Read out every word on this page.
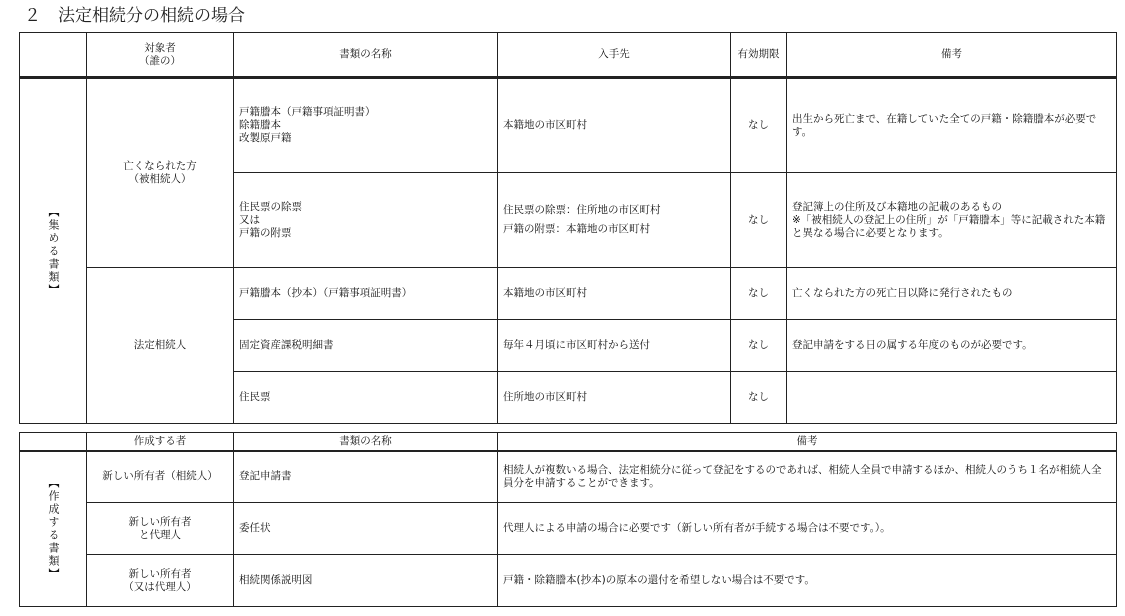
２　法定相続分の相続の場合
	対象者
（誰の）	書類の名称	入手先	有効期限	備考

【集める書類】	亡くなられた方
（被相続人）	戸籍謄本（戸籍事項証明書）
除籍謄本
改製原戸籍	本籍地の市区町村	なし	出生から死亡まで、在籍していた全ての戸籍・除籍謄本が必要です。
		住民票の除票
又は
戸籍の附票	住民票の除票：住所地の市区町村
戸籍の附票：本籍地の市区町村	なし	登記簿上の住所及び本籍地の記載のあるもの
※「被相続人の登記上の住所」が「戸籍謄本」等に記載された本籍と異なる場合に必要となります。
	法定相続人	戸籍謄本（抄本）（戸籍事項証明書）	本籍地の市区町村	なし	亡くなられた方の死亡日以降に発行されたもの
		固定資産課税明細書	毎年４月頃に市区町村から送付	なし	登記申請をする日の属する年度のものが必要です。
		住民票	住所地の市区町村	なし	
	作成する者	書類の名称	備考

【作成する書類】	新しい所有者（相続人）	登記申請書	相続人が複数いる場合、法定相続分に従って登記をするのであれば、相続人全員で申請するほか、相続人のうち１名が相続人全員分を申請することができます。
	新しい所有者
と代理人	委任状	代理人による申請の場合に必要です（新しい所有者が手続する場合は不要です。）。
	新しい所有者
（又は代理人）	相続関係説明図	戸籍・除籍謄本(抄本)の原本の還付を希望しない場合は不要です。
